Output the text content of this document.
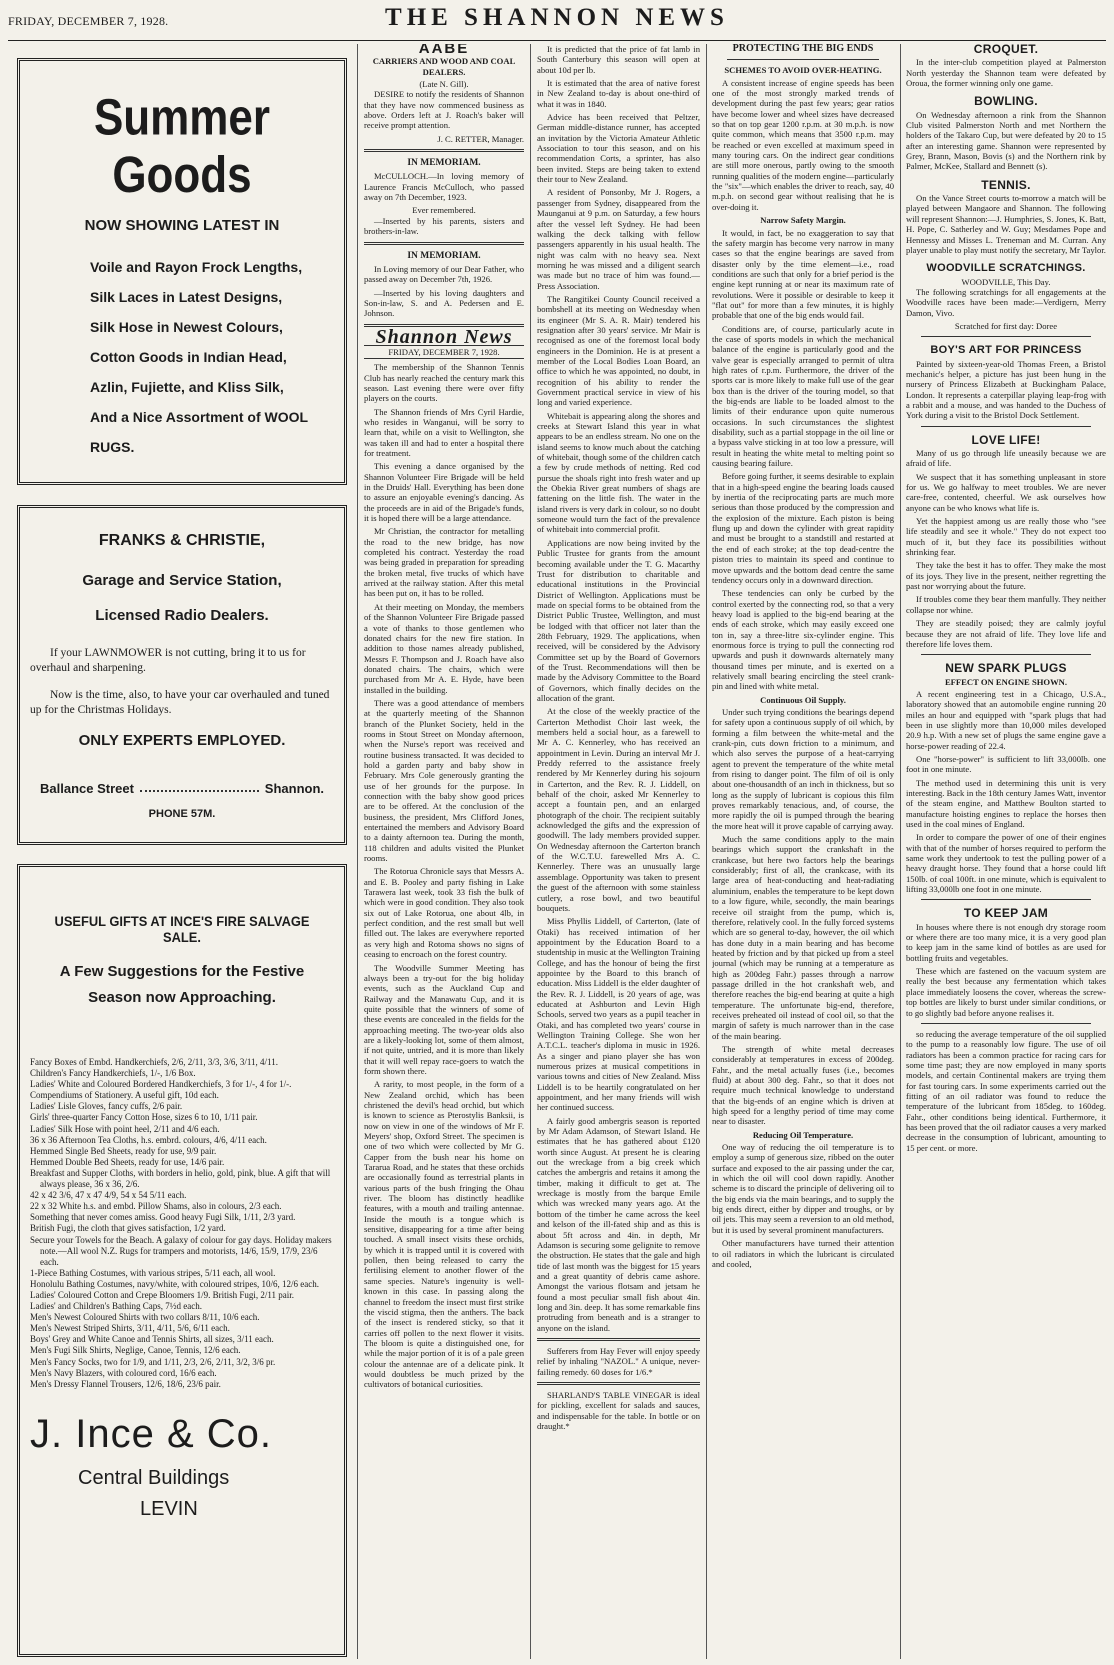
FRIDAY, DECEMBER 7, 1928.	THE SHANNON NEWS
Summer Goods
NOW SHOWING LATEST IN
Voile and Rayon Frock Lengths,
Silk Laces in Latest Designs,
Silk Hose in Newest Colours,
Cotton Goods in Indian Head,
Azlin, Fujiette, and Kliss Silk,
And a Nice Assortment of WOOL RUGS.
FRANKS & CHRISTIE,
Garage and Service Station,
Licensed Radio Dealers.
If your LAWNMOWER is not cutting, bring it to us for overhaul and sharpening.
Now is the time, also, to have your car overhauled and tuned up for the Christmas Holidays.
ONLY EXPERTS EMPLOYED.
Ballance Street	Shannon.
PHONE 57M.
USEFUL GIFTS AT INCE'S FIRE SALVAGE SALE.
A Few Suggestions for the Festive Season now Approaching.
Fancy Boxes of Embd. Handkerchiefs, 2/6, 2/11, 3/3, 3/6, 3/11, 4/11.
Children's Fancy Handkerchiefs, 1/-, 1/6 Box.
Ladies' White and Coloured Bordered Handkerchiefs, 3 for 1/-, 4 for 1/-.
Compendiums of Stationery. A useful gift, 10d each.
Ladies' Lisle Gloves, fancy cuffs, 2/6 pair.
Girls' three-quarter Fancy Cotton Hose, sizes 6 to 10, 1/11 pair.
Ladies' Silk Hose with point heel, 2/11 and 4/6 each.
36 x 36 Afternoon Tea Cloths, h.s. embrd. colours, 4/6, 4/11 each.
Hemmed Single Bed Sheets, ready for use, 9/9 pair.
Hemmed Double Bed Sheets, ready for use, 14/6 pair.
Breakfast and Supper Cloths, with borders in helio, gold, pink, blue. A gift that will always please, 36 x 36, 2/6.
42 x 42 3/6, 47 x 47 4/9, 54 x 54 5/11 each.
22 x 32 White h.s. and embd. Pillow Shams, also in colours, 2/3 each.
Something that never comes amiss. Good heavy Fugi Silk, 1/11, 2/3 yard.
British Fugi, the cloth that gives satisfaction, 1/2 yard.
Secure your Towels for the Beach. A galaxy of colour for gay days. Holiday makers note.—All wool N.Z. Rugs for trampers and motorists, 14/6, 15/9, 17/9, 23/6 each.
1-Piece Bathing Costumes, with various stripes, 5/11 each, all wool.
Honolulu Bathing Costumes, navy/white, with coloured stripes, 10/6, 12/6 each.
Ladies' Coloured Cotton and Crepe Bloomers 1/9. British Fugi, 2/11 pair.
Ladies' and Children's Bathing Caps, 7½d each.
Men's Newest Coloured Shirts with two collars 8/11, 10/6 each.
Men's Newest Striped Shirts, 3/11, 4/11, 5/6, 6/11 each.
Boys' Grey and White Canoe and Tennis Shirts, all sizes, 3/11 each.
Men's Fugi Silk Shirts, Neglige, Canoe, Tennis, 12/6 each.
Men's Fancy Socks, two for 1/9, and 1/11, 2/3, 2/6, 2/11, 3/2, 3/6 pr.
Men's Navy Blazers, with coloured cord, 16/6 each.
Men's Dressy Flannel Trousers, 12/6, 18/6, 23/6 pair.
J. Ince & Co.
Central Buildings
LEVIN
AABE
CARRIERS AND WOOD AND COAL DEALERS.
(Late N. Gill).

DESIRE to notify the residents of Shannon that they have now commenced business as above. Orders left at J. Roach's baker will receive prompt attention.

J. C. RETTER, Manager.
IN MEMORIAM.

McCULLOCH.—In loving memory of Laurence Francis McCulloch, who passed away on 7th December, 1923.

Ever remembered.

—Inserted by his parents, sisters and brothers-in-law.

IN MEMORIAM.

In Loving memory of our Dear Father, who passed away on December 7th, 1926.

—Inserted by his loving daughters and Son-in-law, S. and A. Pedersen and E. Johnson.

Shannon News
FRIDAY, DECEMBER 7, 1928.

The membership of the Shannon Tennis Club has nearly reached the century mark this season. Last evening there were over fifty players on the courts.

The Shannon friends of Mrs Cyril Hardie, who resides in Wanganui, will be sorry to learn that, while on a visit to Wellington, she was taken ill and had to enter a hospital there for treatment.

This evening a dance organised by the Shannon Volunteer Fire Brigade will be held in the Druids' Hall. Everything has been done to assure an enjoyable evening's dancing. As the proceeds are in aid of the Brigade's funds, it is hoped there will be a large attendance.

Mr Christian, the contractor for metalling the road to the new bridge, has now completed his contract. Yesterday the road was being graded in preparation for spreading the broken metal, five trucks of which have arrived at the railway station. After this metal has been put on, it has to be rolled.

At their meeting on Monday, the members of the Shannon Volunteer Fire Brigade passed a vote of thanks to those gentlemen who donated chairs for the new fire station. In addition to those names already published, Messrs F. Thompson and J. Roach have also donated chairs. The chairs, which were purchased from Mr A. E. Hyde, have been installed in the building.

There was a good attendance of members at the quarterly meeting of the Shannon branch of the Plunket Society, held in the rooms in Stout Street on Monday afternoon, when the Nurse's report was received and routine business transacted. It was decided to hold a garden party and baby show in February. Mrs Cole generously granting the use of her grounds for the purpose. In connection with the baby show good prices are to be offered. At the conclusion of the business, the president, Mrs Clifford Jones, entertained the members and Advisory Board to a dainty afternoon tea. During the month, 118 children and adults visited the Plunket rooms.

The Rotorua Chronicle says that Messrs A. and E. B. Pooley and party fishing in Lake Tarawera last week, took 33 fish the bulk of which were in good condition. They also took six out of Lake Rotorua, one about 4lb, in perfect condition, and the rest small but well filled out. The lakes are everywhere reported as very high and Rotoma shows no signs of ceasing to encroach on the forest country.

The Woodville Summer Meeting has always been a try-out for the big holiday events, such as the Auckland Cup and Railway and the Manawatu Cup, and it is quite possible that the winners of some of these events are concealed in the fields for the approaching meeting. The two-year olds also are a likely-looking lot, some of them almost, if not quite, untried, and it is more than likely that it will well repay race-goers to watch the form shown there.

A rarity, to most people, in the form of a New Zealand orchid, which has been christened the devil's head orchid, but which is known to science as Pterostylis Banksii, is now on view in one of the windows of Mr F. Meyers' shop, Oxford Street. The specimen is one of two which were collected by Mr G. Capper from the bush near his home on Tararua Road, and he states that these orchids are occasionally found as terrestrial plants in various parts of the bush fringing the Ohau river. The bloom has distinctly headlike features, with a mouth and trailing antennae. Inside the mouth is a tongue which is sensitive, disappearing for a time after being touched. A small insect visits these orchids, by which it is trapped until it is covered with pollen, then being released to carry the fertilising element to another flower of the same species. Nature's ingenuity is well-known in this case. In passing along the channel to freedom the insect must first strike the viscid stigma, then the anthers. The back of the insect is rendered sticky, so that it carries off pollen to the next flower it visits. The bloom is quite a distinguished one, for while the major portion of it is of a pale green colour the antennae are of a delicate pink. It would doubtless be much prized by the cultivators of botanical curiosities.

It is predicted that the price of fat lamb in South Canterbury this season will open at about 10d per lb.

It is estimated that the area of native forest in New Zealand to-day is about one-third of what it was in 1840.

Advice has been received that Peltzer, German middle-distance runner, has accepted an invitation by the Victoria Amateur Athletic Association to tour this season, and on his recommendation Corts, a sprinter, has also been invited. Steps are being taken to extend their tour to New Zealand.

A resident of Ponsonby, Mr J. Rogers, a passenger from Sydney, disappeared from the Maunganui at 9 p.m. on Saturday, a few hours after the vessel left Sydney. He had been walking the deck talking with fellow passengers apparently in his usual health. The night was calm with no heavy sea. Next morning he was missed and a diligent search was made but no trace of him was found.—Press Association.

The Rangitikei County Council received a bombshell at its meeting on Wednesday when its engineer (Mr S. A. R. Mair) tendered his resignation after 30 years' service. Mr Mair is recognised as one of the foremost local body engineers in the Dominion. He is at present a member of the Local Bodies Loan Board, an office to which he was appointed, no doubt, in recognition of his ability to render the Government practical service in view of his long and varied experience.

Whitebait is appearing along the shores and creeks at Stewart Island this year in what appears to be an endless stream. No one on the island seems to know much about the catching of whitebait, though some of the children catch a few by crude methods of netting. Red cod pursue the shoals right into fresh water and up the Obekia River great numbers of shags are fattening on the little fish. The water in the island rivers is very dark in colour, so no doubt someone would turn the fact of the prevalence of whitebait into commercial profit.

Applications are now being invited by the Public Trustee for grants from the amount becoming available under the T. G. Macarthy Trust for distribution to charitable and educational institutions in the Provincial District of Wellington. Applications must be made on special forms to be obtained from the District Public Trustee, Wellington, and must be lodged with that officer not later than the 28th February, 1929. The applications, when received, will be considered by the Advisory Committee set up by the Board of Governors of the Trust. Recommendations will then be made by the Advisory Committee to the Board of Governors, which finally decides on the allocation of the grant.

At the close of the weekly practice of the Carterton Methodist Choir last week, the members held a social hour, as a farewell to Mr A. C. Kennerley, who has received an appointment in Levin. During an interval Mr J. Preddy referred to the assistance freely rendered by Mr Kennerley during his sojourn in Carterton, and the Rev. R. J. Liddell, on behalf of the choir, asked Mr Kennerley to accept a fountain pen, and an enlarged photograph of the choir. The recipient suitably acknowledged the gifts and the expression of goodwill. The lady members provided supper. On Wednesday afternoon the Carterton branch of the W.C.T.U. farewelled Mrs A. C. Kennerley. There was an unusually large assemblage. Opportunity was taken to present the guest of the afternoon with some stainless cutlery, a rose bowl, and two beautiful bouquets.

Miss Phyllis Liddell, of Carterton, (late of Otaki) has received intimation of her appointment by the Education Board to a studentship in music at the Wellington Training College, and has the honour of being the first appointee by the Board to this branch of education. Miss Liddell is the elder daughter of the Rev. R. J. Liddell, is 20 years of age, was educated at Ashburton and Levin High Schools, served two years as a pupil teacher in Otaki, and has completed two years' course in Wellington Training College. She won her A.T.C.L. teacher's diploma in music in 1926. As a singer and piano player she has won numerous prizes at musical competitions in various towns and cities of New Zealand. Miss Liddell is to be heartily congratulated on her appointment, and her many friends will wish her continued success.

A fairly good ambergris season is reported by Mr Adam Adamson, of Stewart Island. He estimates that he has gathered about £120 worth since August. At present he is clearing out the wreckage from a big creek which catches the ambergris and retains it among the timber, making it difficult to get at. The wreckage is mostly from the barque Emile which was wrecked many years ago. At the bottom of the timber he came across the keel and kelson of the ill-fated ship and as this is about 5ft across and 4in. in depth, Mr Adamson is securing some gelignite to remove the obstruction. He states that the gale and high tide of last month was the biggest for 15 years and a great quantity of debris came ashore. Amongst the various flotsam and jetsam he found a most peculiar small fish about 4in. long and 3in. deep. It has some remarkable fins protruding from beneath and is a stranger to anyone on the island.

Sufferers from Hay Fever will enjoy speedy relief by inhaling "NAZOL." A unique, never-failing remedy. 60 doses for 1/6.*

SHARLAND'S TABLE VINEGAR is ideal for pickling, excellent for salads and sauces, and indispensable for the table. In bottle or on draught.*

PROTECTING THE BIG ENDS
SCHEMES TO AVOID OVER-HEATING.

A consistent increase of engine speeds has been one of the most strongly marked trends of development during the past few years; gear ratios have become lower and wheel sizes have decreased so that on top gear 1200 r.p.m. at 30 m.p.h. is now quite common, which means that 3500 r.p.m. may be reached or even excelled at maximum speed in many touring cars. On the indirect gear conditions are still more onerous, partly owing to the smooth running qualities of the modern engine—particularly the "six"—which enables the driver to reach, say, 40 m.p.h. on second gear without realising that he is over-doing it.

Narrow Safety Margin.

It would, in fact, be no exaggeration to say that the safety margin has become very narrow in many cases so that the engine bearings are saved from disaster only by the time element—i.e., road conditions are such that only for a brief period is the engine kept running at or near its maximum rate of revolutions. Were it possible or desirable to keep it "flat out" for more than a few minutes, it is highly probable that one of the big ends would fail.

Conditions are, of course, particularly acute in the case of sports models in which the mechanical balance of the engine is particularly good and the valve gear is especially arranged to permit of ultra high rates of r.p.m. Furthermore, the driver of the sports car is more likely to make full use of the gear box than is the driver of the touring model, so that the big-ends are liable to be loaded almost to the limits of their endurance upon quite numerous occasions. In such circumstances the slightest disability, such as a partial stoppage in the oil line or a bypass valve sticking in at too low a pressure, will result in heating the white metal to melting point so causing bearing failure.

Before going further, it seems desirable to explain that in a high-speed engine the bearing loads caused by inertia of the reciprocating parts are much more serious than those produced by the compression and the explosion of the mixture. Each piston is being flung up and down the cylinder with great rapidity and must be brought to a standstill and restarted at the end of each stroke; at the top dead-centre the piston tries to maintain its speed and continue to move upwards and the bottom dead centre the same tendency occurs only in a downward direction.

These tendencies can only be curbed by the control exerted by the connecting rod, so that a very heavy load is applied to the big-end bearing at the ends of each stroke, which may easily exceed one ton in, say a three-litre six-cylinder engine. This enormous force is trying to pull the connecting rod upwards and push it downwards alternately many thousand times per minute, and is exerted on a relatively small bearing encircling the steel crank-pin and lined with white metal.

Continuous Oil Supply.

Under such trying conditions the bearings depend for safety upon a continuous supply of oil which, by forming a film between the white-metal and the crank-pin, cuts down friction to a minimum, and which also serves the purpose of a heat-carrying agent to prevent the temperature of the white metal from rising to danger point. The film of oil is only about one-thousandth of an inch in thickness, but so long as the supply of lubricant is copious this film proves remarkably tenacious, and, of course, the more rapidly the oil is pumped through the bearing the more heat will it prove capable of carrying away.

Much the same conditions apply to the main bearings which support the crankshaft in the crankcase, but here two factors help the bearings considerably; first of all, the crankcase, with its large area of heat-conducting and heat-radiating aluminium, enables the temperature to be kept down to a low figure, while, secondly, the main bearings receive oil straight from the pump, which is, therefore, relatively cool. In the fully forced systems which are so general to-day, however, the oil which has done duty in a main bearing and has become heated by friction and by that picked up from a steel journal (which may be running at a temperature as high as 200deg Fahr.) passes through a narrow passage drilled in the hot crankshaft web, and therefore reaches the big-end bearing at quite a high temperature. The unfortunate big-end, therefore, receives preheated oil instead of cool oil, so that the margin of safety is much narrower than in the case of the main bearing.

The strength of white metal decreases considerably at temperatures in excess of 200deg. Fahr., and the metal actually fuses (i.e., becomes fluid) at about 300 deg. Fahr., so that it does not require much technical knowledge to understand that the big-ends of an engine which is driven at high speed for a lengthy period of time may come near to disaster.

Reducing Oil Temperature.

One way of reducing the oil temperature is to employ a sump of generous size, ribbed on the outer surface and exposed to the air passing under the car, in which the oil will cool down rapidly. Another scheme is to discard the principle of delivering oil to the big ends via the main bearings, and to supply the big ends direct, either by dipper and troughs, or by oil jets. This may seem a reversion to an old method, but it is used by several prominent manufacturers.

Other manufacturers have turned their attention to oil radiators in which the lubricant is circulated and cooled,

CROQUET.

In the inter-club competition played at Palmerston North yesterday the Shannon team were defeated by Oroua, the former winning only one game.

BOWLING.

On Wednesday afternoon a rink from the Shannon Club visited Palmerston North and met Northern the holders of the Takaro Cup, but were defeated by 20 to 15 after an interesting game. Shannon were represented by Grey, Brann, Mason, Bovis (s) and the Northern rink by Palmer, McKee, Stallard and Bennett (s).

TENNIS.

On the Vance Street courts to-morrow a match will be played between Mangaore and Shannon. The following will represent Shannon:—J. Humphries, S. Jones, K. Batt, H. Pope, C. Satherley and W. Guy; Mesdames Pope and Hennessy and Misses L. Treneman and M. Curran. Any player unable to play must notify the secretary, Mr Taylor.

WOODVILLE SCRATCHINGS.
WOODVILLE, This Day.

The following scratchings for all engagements at the Woodville races have been made:—Verdigern, Merry Damon, Vivo.

Scratched for first day: Doree
BOY'S ART FOR PRINCESS

Painted by sixteen-year-old Thomas Freen, a Bristol mechanic's helper, a picture has just been hung in the nursery of Princess Elizabeth at Buckingham Palace, London. It represents a caterpillar playing leap-frog with a rabbit and a mouse, and was handed to the Duchess of York during a visit to the Bristol Dock Settlement.

LOVE LIFE!

Many of us go through life uneasily because we are afraid of life.

We suspect that it has something unpleasant in store for us. We go halfway to meet troubles. We are never care-free, contented, cheerful. We ask ourselves how anyone can be who knows what life is.

Yet the happiest among us are really those who "see life steadily and see it whole." They do not expect too much of it, but they face its possibilities without shrinking fear.

They take the best it has to offer. They make the most of its joys. They live in the present, neither regretting the past nor worrying about the future.

If troubles come they bear them manfully. They neither collapse nor whine.

They are steadily poised; they are calmly joyful because they are not afraid of life. They love life and therefore life loves them.

NEW SPARK PLUGS
EFFECT ON ENGINE SHOWN.

A recent engineering test in a Chicago, U.S.A., laboratory showed that an automobile engine running 20 miles an hour and equipped with "spark plugs that had been in use slightly more than 10,000 miles developed 20.9 h.p. With a new set of plugs the same engine gave a horse-power reading of 22.4.

One "horse-power" is sufficient to lift 33,000lb. one foot in one minute.

The method used in determining this unit is very interesting. Back in the 18th century James Watt, inventor of the steam engine, and Matthew Boulton started to manufacture hoisting engines to replace the horses then used in the coal mines of England.

In order to compare the power of one of their engines with that of the number of horses required to perform the same work they undertook to test the pulling power of a heavy draught horse. They found that a horse could lift 150lb. of coal 100ft. in one minute, which is equivalent to lifting 33,000lb one foot in one minute.

TO KEEP JAM

In houses where there is not enough dry storage room or where there are too many mice, it is a very good plan to keep jam in the same kind of bottles as are used for bottling fruits and vegetables.

These which are fastened on the vacuum system are really the best because any fermentation which takes place immediately loosens the cover, whereas the screw-top bottles are likely to burst under similar conditions, or to go slightly bad before anyone realises it.

so reducing the average temperature of the oil supplied to the pump to a reasonably low figure. The use of oil radiators has been a common practice for racing cars for some time past; they are now employed in many sports models, and certain Continental makers are trying them for fast touring cars. In some experiments carried out the fitting of an oil radiator was found to reduce the temperature of the lubricant from 185deg. to 160deg. Fahr., other conditions being identical. Furthermore, it has been proved that the oil radiator causes a very marked decrease in the consumption of lubricant, amounting to 15 per cent. or more.
